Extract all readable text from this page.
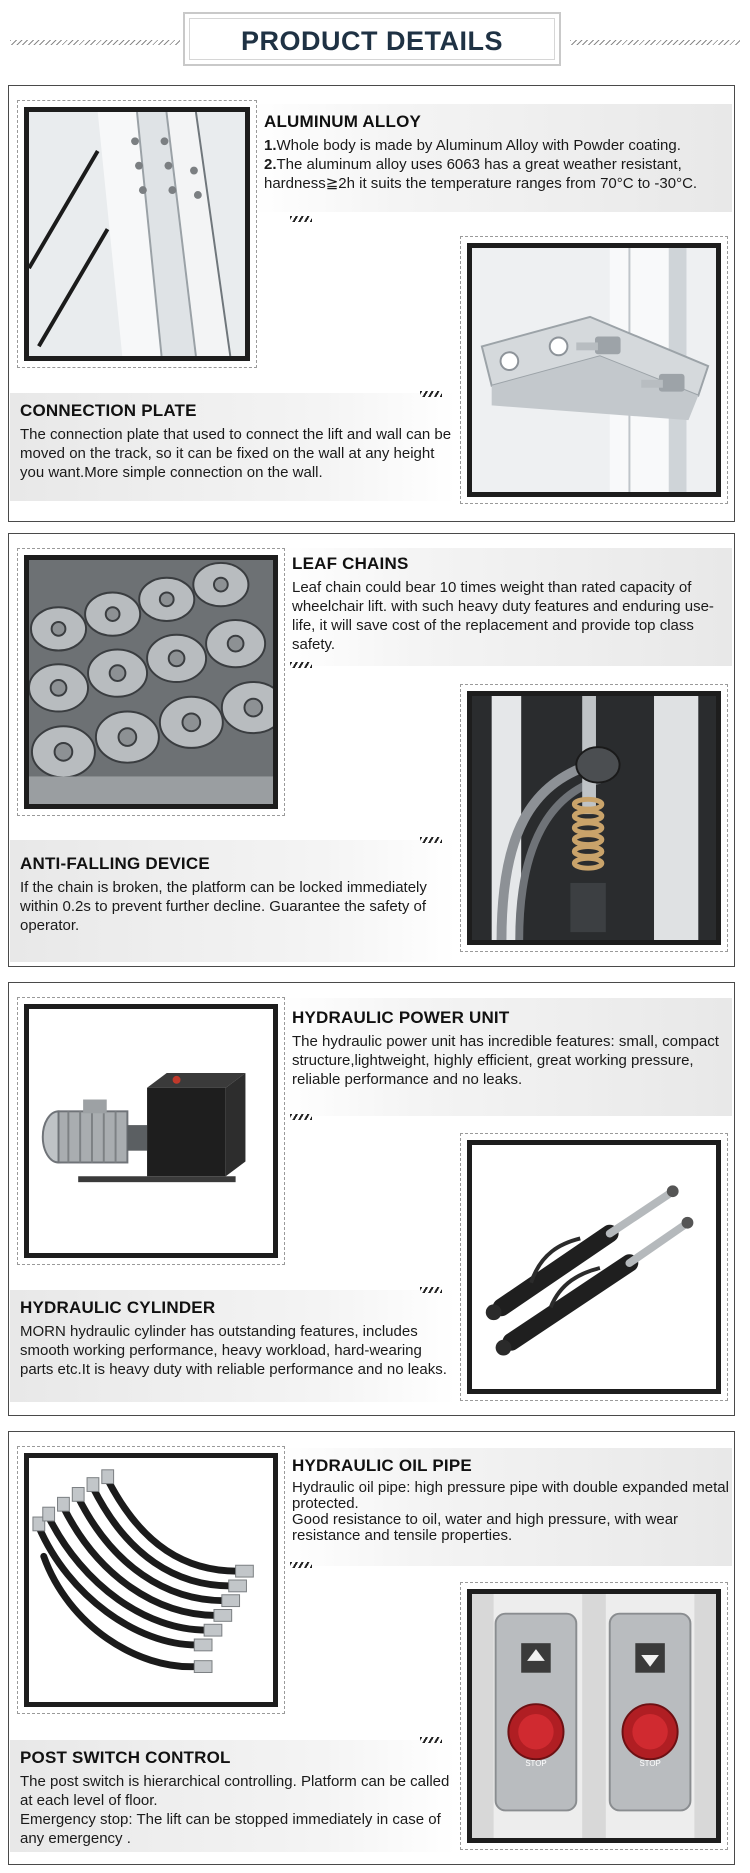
PRODUCT DETAILS
ALUMINUM ALLOY

1.Whole body is made by Aluminum Alloy with Powder coating.
2.The aluminum alloy uses 6063 has a great weather resistant, hardness≧2h it suits the temperature ranges from 70°C to -30°C.

CONNECTION PLATE

The connection plate that used to connect the lift and wall can be moved on the track, so it can be fixed on the wall at any height you want.More simple connection on the wall.

LEAF CHAINS

Leaf chain could bear 10 times weight than rated capacity of wheelchair lift. with such heavy duty features and enduring use-life, it will save cost of the replacement and provide top class safety.

ANTI-FALLING DEVICE

If the chain is broken, the platform can be locked immediately within 0.2s to prevent further decline. Guarantee the safety of operator.

HYDRAULIC POWER UNIT

The hydraulic power unit has incredible features: small, compact structure,lightweight, highly efficient, great working pressure, reliable performance and no leaks.

HYDRAULIC CYLINDER

MORN hydraulic cylinder has outstanding features, includes smooth working performance, heavy workload, hard-wearing parts etc.It is heavy duty with reliable performance and no leaks.

HYDRAULIC OIL PIPE

Hydraulic oil pipe: high pressure pipe with double expanded metal protected.
Good resistance to oil, water and high pressure, with wear resistance and tensile properties.

STOP	STOP
POST SWITCH CONTROL

The post switch is hierarchical controlling. Platform can be called at each level of floor.
Emergency stop: The lift can be stopped immediately in case of any emergency .
